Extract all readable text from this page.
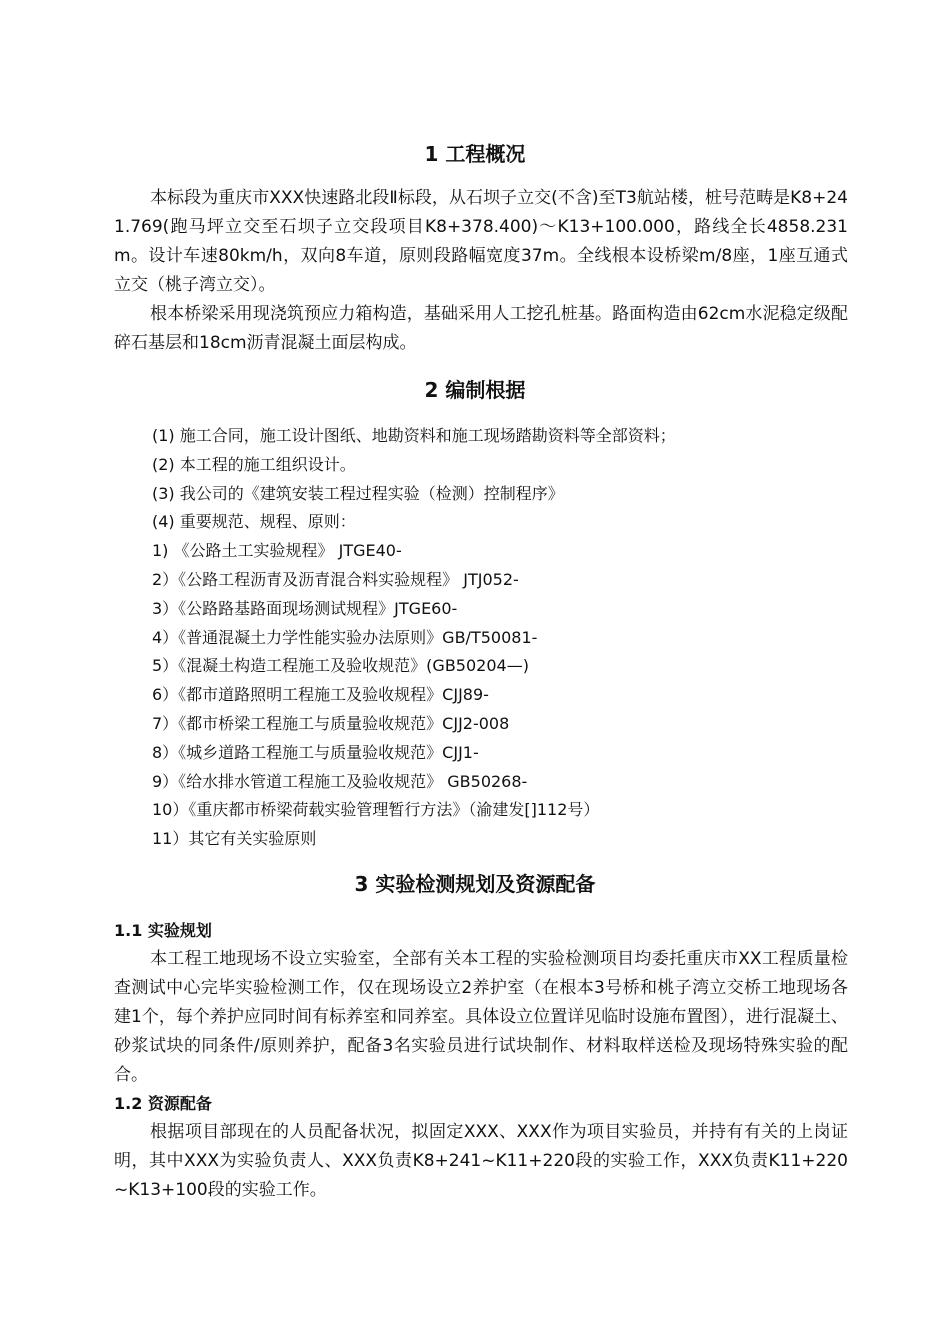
1 工程概况

本标段为重庆市XXX快速路北段Ⅱ标段，从石坝子立交(不含)至T3航站楼，桩号范畴是K8+241.769(跑马坪立交至石坝子立交段项目K8+378.400)～K13+100.000，路线全长4858.231m。设计车速80km/h，双向8车道，原则段路幅宽度37m。全线根本设桥梁m/8座，1座互通式立交（桃子湾立交）。

根本桥梁采用现浇筑预应力箱构造，基础采用人工挖孔桩基。路面构造由62cm水泥稳定级配碎石基层和18cm沥青混凝土面层构成。

2 编制根据
(1) 施工合同，施工设计图纸、地勘资料和施工现场踏勘资料等全部资料；
(2) 本工程的施工组织设计。
(3) 我公司的《建筑安装工程过程实验（检测）控制程序》
(4) 重要规范、规程、原则：
1) 《公路土工实验规程》 JTGE40-
2）《公路工程沥青及沥青混合料实验规程》 JTJ052-
3）《公路路基路面现场测试规程》JTGE60-
4）《普通混凝土力学性能实验办法原则》GB/T50081-
5）《混凝土构造工程施工及验收规范》(GB50204—)
6）《都市道路照明工程施工及验收规程》CJJ89-
7）《都市桥梁工程施工与质量验收规范》CJJ2-008
8）《城乡道路工程施工与质量验收规范》CJJ1-
9）《给水排水管道工程施工及验收规范》 GB50268-
10）《重庆都市桥梁荷载实验管理暂行方法》（渝建发[]112号）
11）其它有关实验原则
3 实验检测规划及资源配备
1.1 实验规划

本工程工地现场不设立实验室，全部有关本工程的实验检测项目均委托重庆市XX工程质量检查测试中心完毕实验检测工作，仅在现场设立2养护室（在根本3号桥和桃子湾立交桥工地现场各建1个，每个养护应同时间有标养室和同养室。具体设立位置详见临时设施布置图），进行混凝土、砂浆试块的同条件/原则养护，配备3名实验员进行试块制作、材料取样送检及现场特殊实验的配合。

1.2 资源配备

根据项目部现在的人员配备状况，拟固定XXX、XXX作为项目实验员，并持有有关的上岗证明，其中XXX为实验负责人、XXX负责K8+241~K11+220段的实验工作，XXX负责K11+220~K13+100段的实验工作。
